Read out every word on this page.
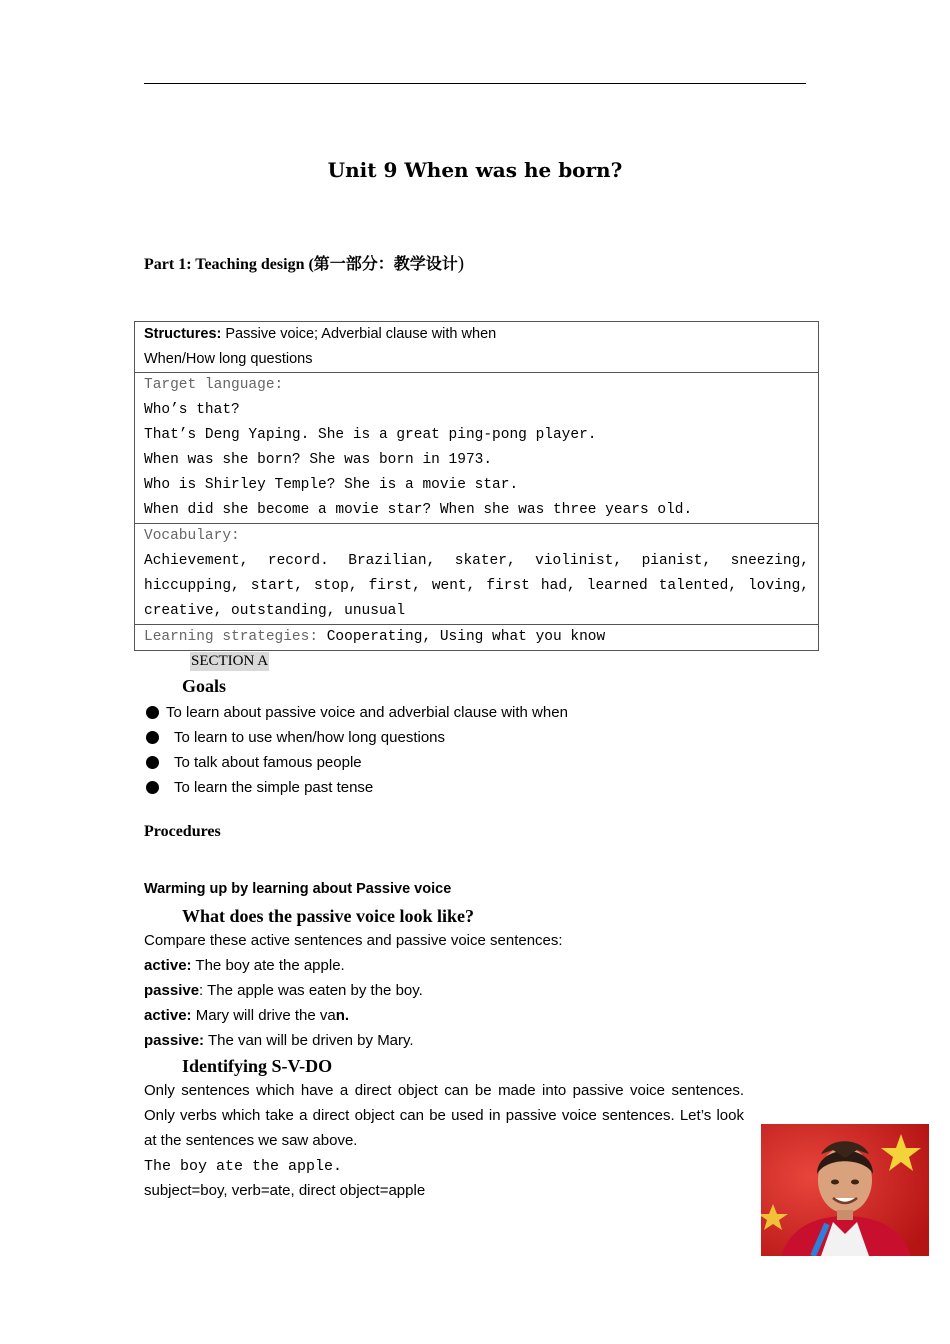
Unit 9 When was he born?
Part 1: Teaching design (第一部分：教学设计)
Structures: Passive voice; Adverbial clause with when
When/How long questions

Target language:
Who’s that?
That’s Deng Yaping. She is a great ping-pong player.
When was she born? She was born in 1973.
Who is Shirley Temple? She is a movie star.
When did she become a movie star? When she was three years old.

Vocabulary:
Achievement, record. Brazilian, skater, violinist, pianist, sneezing, hiccupping, start, stop, first, went, first had, learned talented, loving, creative, outstanding, unusual

Learning strategies: Cooperating, Using what you know
SECTION A
Goals
To learn about passive voice and adverbial clause with when
To learn to use when/how long questions
To talk about famous people
To learn the simple past tense
Procedures
Warming up by learning about Passive voice
What does the passive voice look like?
Compare these active sentences and passive voice sentences:
active: The boy ate the apple.
passive: The apple was eaten by the boy.
active: Mary will drive the van.
passive: The van will be driven by Mary.
Identifying S-V-DO
Only sentences which have a direct object can be made into passive voice sentences. Only verbs which take a direct object can be used in passive voice sentences. Let’s look at the sentences we saw above.
The boy ate the apple.
subject=boy, verb=ate, direct object=apple
